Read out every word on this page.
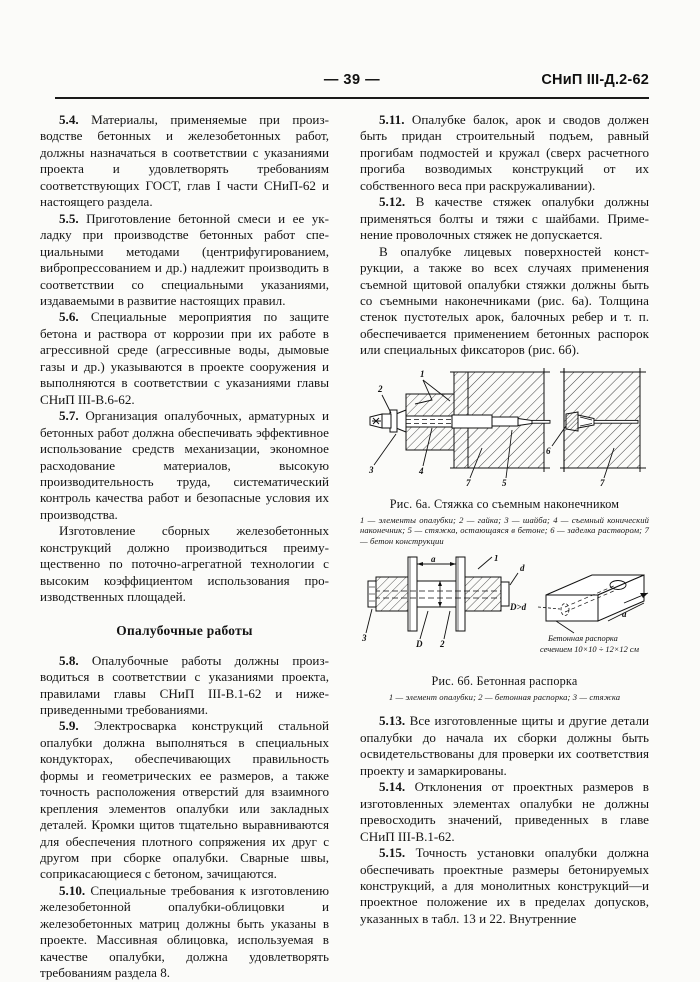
— 39 —	СНиП III-Д.2-62

5.4. Материалы, применяемые при производстве бетонных и железобетонных работ, должны назначаться в соответствии с указаниями проекта и удовлетворять требованиям соответствующих ГОСТ, глав I части СНиП-62 и настоящего раздела.

5.5. Приготовление бетонной смеси и ее укладку при производстве бетонных работ специальными методами (центрифугированием, вибропрессованием и др.) надлежит производить в соответствии со специальными указаниями, издаваемыми в развитие настоящих правил.

5.6. Специальные мероприятия по защите бетона и раствора от коррозии при их работе в агрессивной среде (агрессивные воды, дымовые газы и др.) указываются в проекте сооружения и выполняются в соответствии с указаниями главы СНиП III-В.6-62.

5.7. Организация опалубочных, арматурных и бетонных работ должна обеспечивать эффективное использование средств механизации, экономное расходование материалов, высокую производительность труда, систематический контроль качества работ и безопасные условия их производства.

Изготовление сборных железобетонных конструкций должно производиться преимущественно по поточно-агрегатной технологии с высоким коэффициентом использования производственных площадей.

Опалубочные работы

5.8. Опалубочные работы должны производиться в соответствии с указаниями проекта, правилами главы СНиП III-В.1-62 и нижеприведенными требованиями.

5.9. Электросварка конструкций стальной опалубки должна выполняться в специальных кондукторах, обеспечивающих правильность формы и геометрических ее размеров, а также точность расположения отверстий для взаимного крепления элементов опалубки или закладных деталей. Кромки щитов тщательно выравниваются для обеспечения плотного сопряжения их друг с другом при сборке опалубки. Сварные швы, соприкасающиеся с бетоном, зачищаются.

5.10. Специальные требования к изготовлению железобетонной опалубки-облицовки и железобетонных матриц должны быть указаны в проекте. Массивная облицовка, используемая в качестве опалубки, должна удовлетворять требованиям раздела 8.

5.11. Опалубке балок, арок и сводов должен быть придан строительный подъем, равный прогибам подмостей и кружал (сверх расчетного прогиба возводимых конструкций от их собственного веса при раскружаливании).

5.12. В качестве стяжек опалубки должны применяться болты и тяжи с шайбами. Применение проволочных стяжек не допускается.

В опалубке лицевых поверхностей конструкции, а также во всех случаях применения съемной щитовой опалубки стяжки должны быть со съемными наконечниками (рис. 6а). Толщина стенок пустотелых арок, балочных ребер и т. п. обеспечивается применением бетонных распорок или специальных фиксаторов (рис. 6б).

1
2
3	4
5
7
6
7
Рис. 6а. Стяжка со съемным наконечником
1 — элементы опалубки; 2 — гайка; 3 — шайба; 4 — съемный конический наконечник; 5 — стяжка, остающаяся в бетоне; 6 — заделка раствором; 7 — бетон конструкции
a
3
D 2
1
d
D>d
a
Бетонная распорка
сечением 10×10 ÷ 12×12 см
Рис. 6б. Бетонная распорка
1 — элемент опалубки; 2 — бетонная распорка; 3 — стяжка

5.13. Все изготовленные щиты и другие детали опалубки до начала их сборки должны быть освидетельствованы для проверки их соответствия проекту и замаркированы.

5.14. Отклонения от проектных размеров в изготовленных элементах опалубки не должны превосходить значений, приведенных в главе СНиП III-В.1-62.

5.15. Точность установки опалубки должна обеспечивать проектные размеры бетонируемых конструкций, а для монолитных конструкций—и проектное положение их в пределах допусков, указанных в табл. 13 и 22. Внутренние
